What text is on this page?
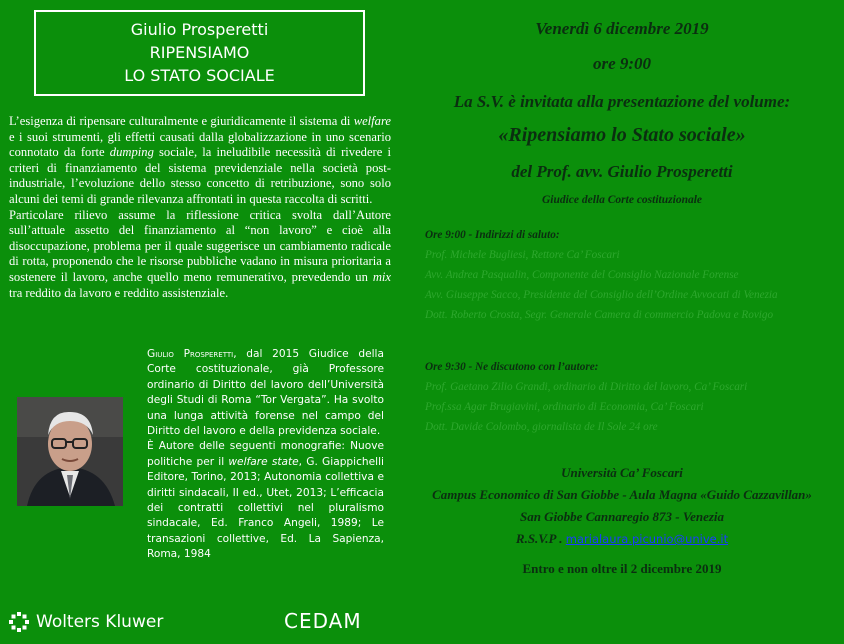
Giulio Prosperetti
RIPENSIAMO
LO STATO SOCIALE

L’esigenza di ripensare culturalmente e giuridicamente il sistema di welfare e i suoi strumenti, gli effetti causati dalla globalizzazione in uno scenario connotato da forte dumping sociale, la ineludibile necessità di rivedere i criteri di finanziamento del sistema previdenziale nella società post-industriale, l’evoluzione dello stesso concetto di retribuzione, sono solo alcuni dei temi di grande rilevanza affrontati in questa raccolta di scritti.

Particolare rilievo assume la riflessione critica svolta dall’Autore sull’attuale assetto del finanziamento al “non lavoro” e cioè alla disoccupazione, problema per il quale suggerisce un cambiamento radicale di rotta, proponendo che le risorse pubbliche vadano in misura prioritaria a sostenere il lavoro, anche quello meno remunerativo, prevedendo un mix tra reddito da lavoro e reddito assistenziale.

Giulio Prosperetti, dal 2015 Giudice della Corte costituzionale, già Professore ordinario di Diritto del lavoro dell’Università degli Studi di Roma “Tor Vergata”. Ha svolto una lunga attività forense nel campo del Diritto del lavoro e della previdenza sociale.

È Autore delle seguenti monografie: Nuove politiche per il welfare state, G. Giappichelli Editore, Torino, 2013; Autonomia collettiva e diritti sindacali, II ed., Utet, 2013; L’efficacia dei contratti collettivi nel pluralismo sindacale, Ed. Franco Angeli, 1989; Le transazioni collettive, Ed. La Sapienza, Roma, 1984

Wolters Kluwer	CEDAM
Venerdì 6 dicembre 2019
ore 9:00
La S.V. è invitata alla presentazione del volume:
«Ripensiamo lo Stato sociale»
del Prof. avv. Giulio Prosperetti
Giudice della Corte costituzionale
Ore 9:00 - Indirizzi di saluto:
Prof. Michele Bugliesi, Rettore Ca’ Foscari
Avv. Andrea Pasqualin, Componente del Consiglio Nazionale Forense
Avv. Giuseppe Sacco, Presidente del Consiglio dell’Ordine Avvocati di Venezia
Dott. Roberto Crosta, Segr. Generale Camera di commercio Padova e Rovigo
Ore 9:30 - Ne discutono con l’autore:
Prof. Gaetano Zilio Grandi, ordinario di Diritto del lavoro, Ca’ Foscari
Prof.ssa Agar Brugiavini, ordinario di Economia, Ca’ Foscari
Dott. Davide Colombo, giornalista de Il Sole 24 ore
Università Ca’ Foscari
Campus Economico di San Giobbe - Aula Magna «Guido Cazzavillan»
San Giobbe Cannaregio 873 - Venezia
R.S.V.P . marialaura.picunio@unive.it
Entro e non oltre il 2 dicembre 2019
